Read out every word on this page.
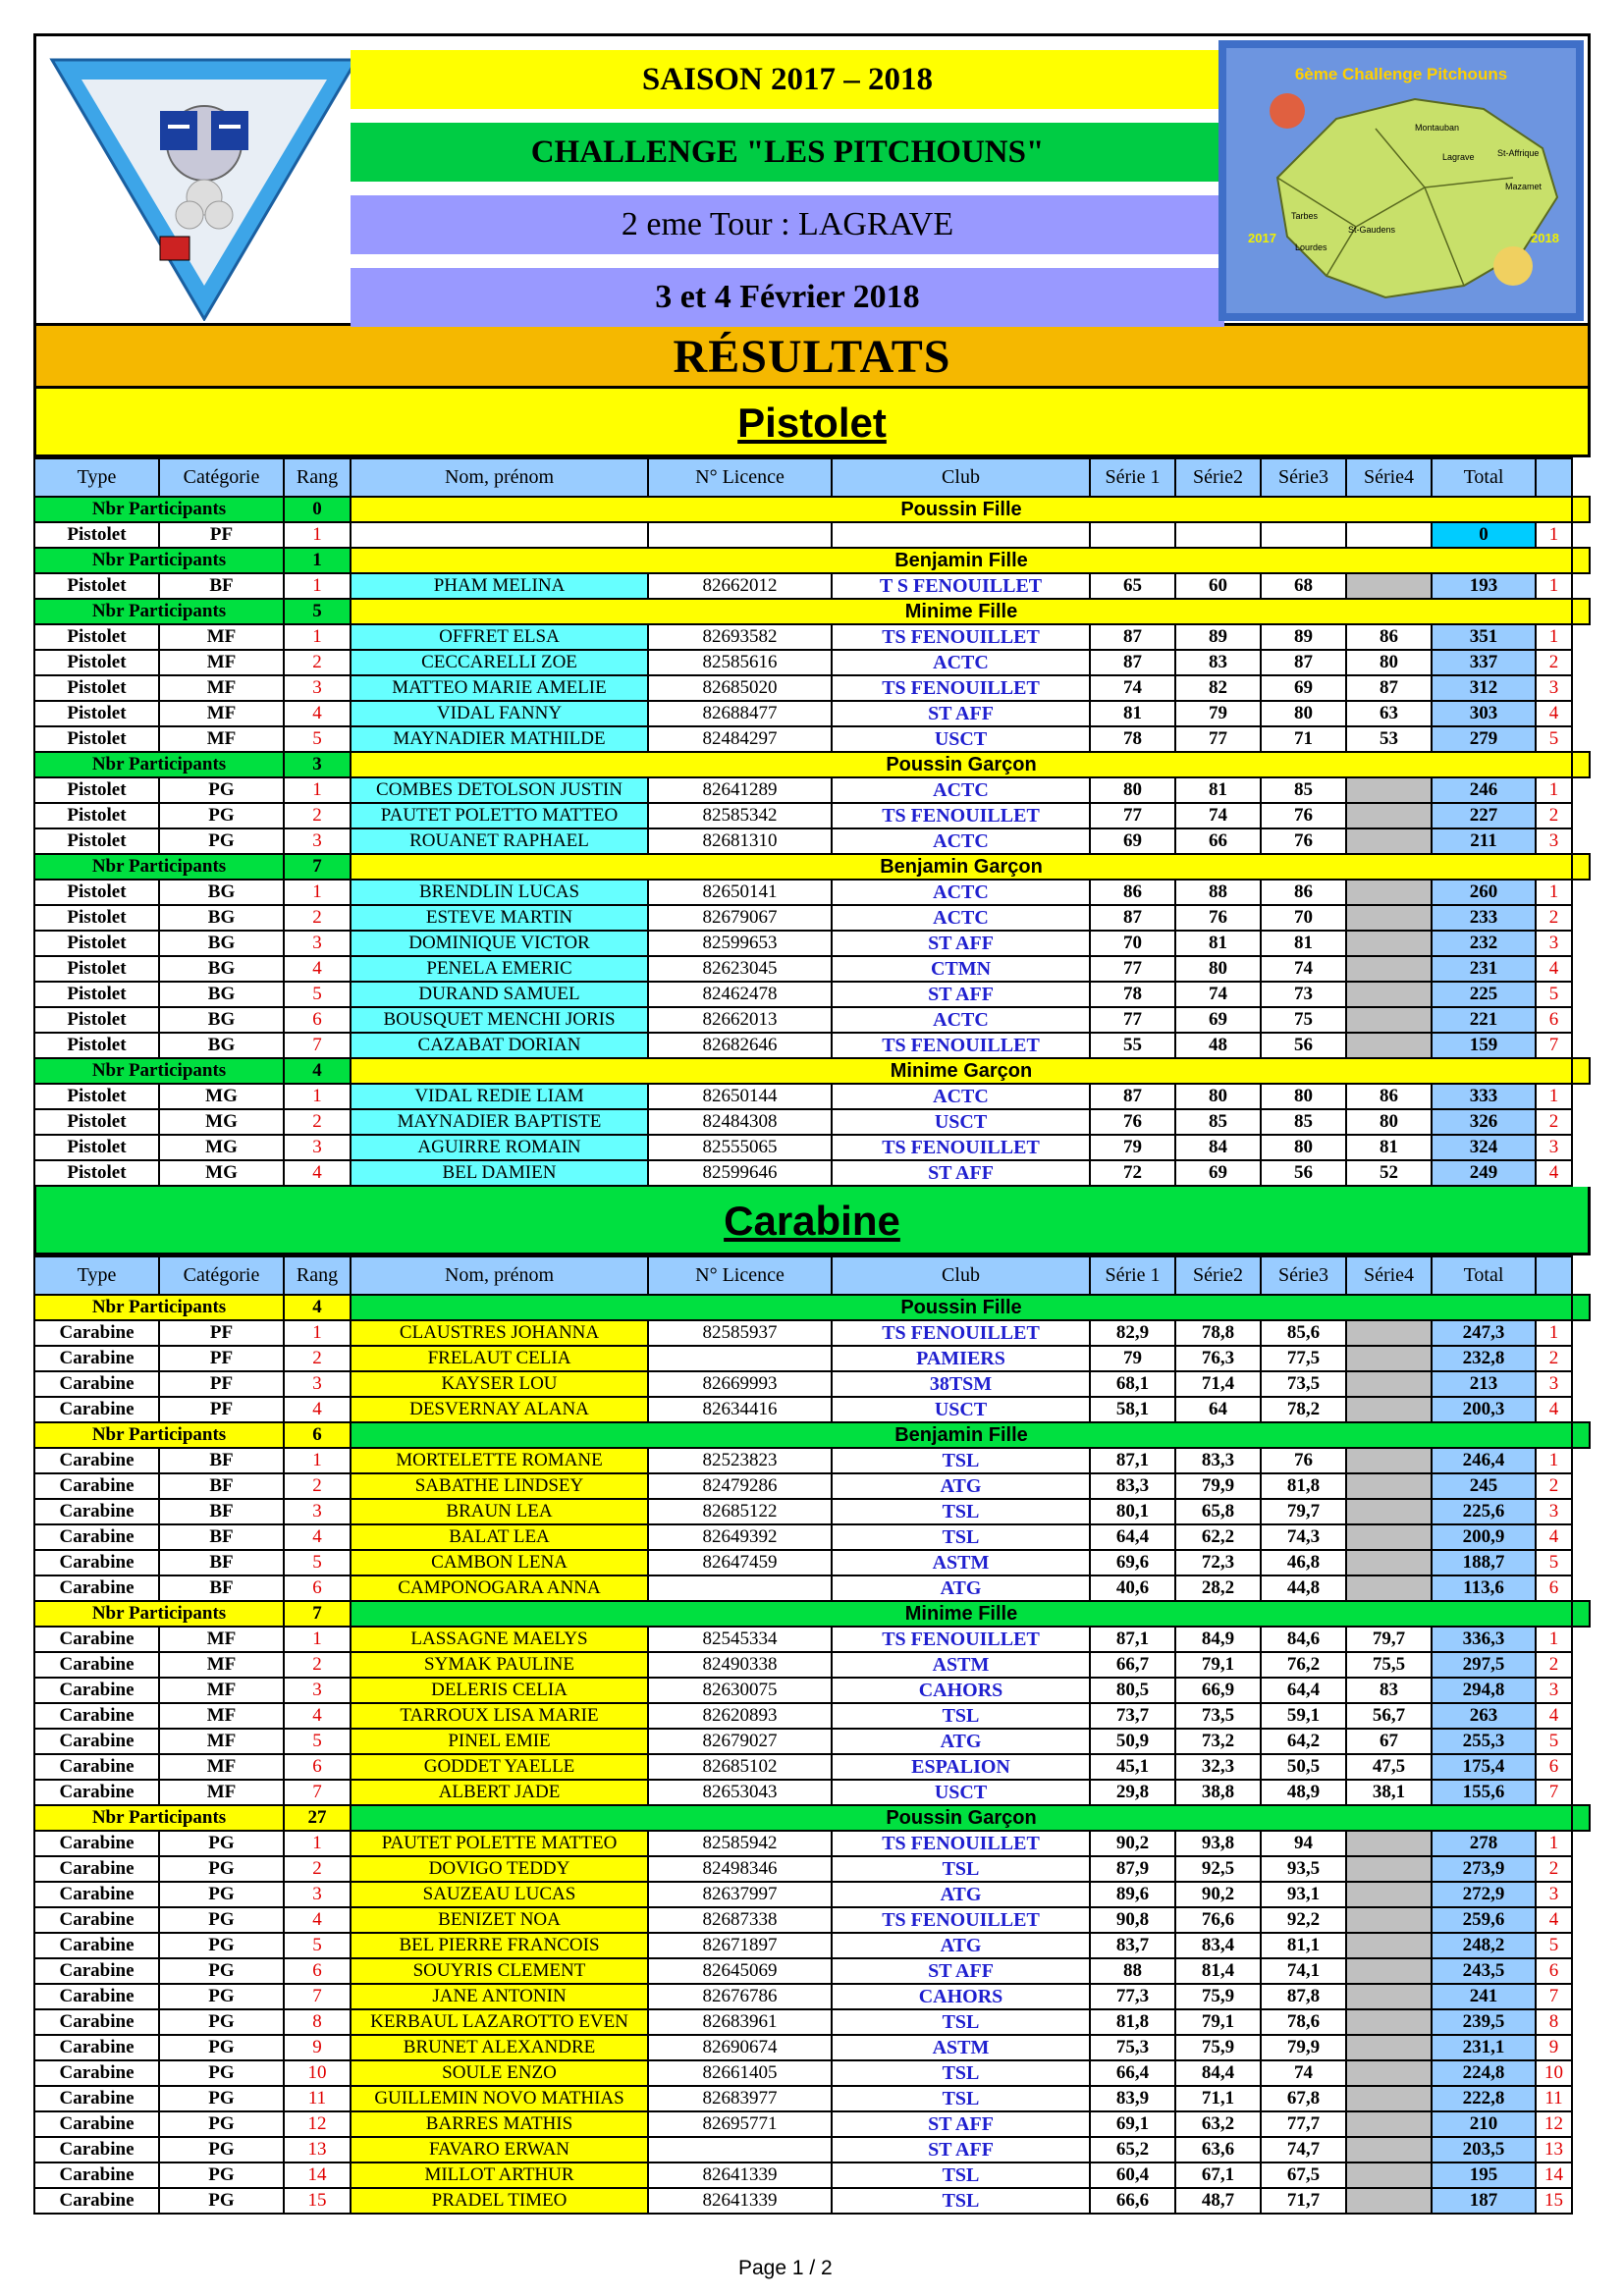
SAISON 2017 – 2018
CHALLENGE "LES PITCHOUNS"
2 eme Tour : LAGRAVE
3 et 4 Février 2018
6ème Challenge Pitchouns
2017	2018
Montauban
Lagrave	St-Affrique
Mazamet
Tarbes
St-Gaudens
Lourdes
RÉSULTATS
Pistolet
Type	Catégorie	Rang	Nom, prénom	N° Licence	Club	Série 1	Série2	Série3	Série4	Total		
Nbr Participants		0	Poussin Fille									
Pistolet	PF	1								0	1	
Nbr Participants		1	Benjamin Fille									
Pistolet	BF	1	PHAM MELINA	82662012	T S FENOUILLET	65	60	68		193	1	
Nbr Participants		5	Minime Fille									
Pistolet	MF	1	OFFRET ELSA	82693582	TS FENOUILLET	87	89	89	86	351	1	
Pistolet	MF	2	CECCARELLI ZOE	82585616	ACTC	87	83	87	80	337	2	
Pistolet	MF	3	MATTEO MARIE AMELIE	82685020	TS FENOUILLET	74	82	69	87	312	3	
Pistolet	MF	4	VIDAL FANNY	82688477	ST AFF	81	79	80	63	303	4	
Pistolet	MF	5	MAYNADIER MATHILDE	82484297	USCT	78	77	71	53	279	5	
Nbr Participants		3	Poussin Garçon									
Pistolet	PG	1	COMBES DETOLSON JUSTIN	82641289	ACTC	80	81	85		246	1	
Pistolet	PG	2	PAUTET POLETTO MATTEO	82585342	TS FENOUILLET	77	74	76		227	2	
Pistolet	PG	3	ROUANET RAPHAEL	82681310	ACTC	69	66	76		211	3	
Nbr Participants		7	Benjamin Garçon									
Pistolet	BG	1	BRENDLIN LUCAS	82650141	ACTC	86	88	86		260	1	
Pistolet	BG	2	ESTEVE MARTIN	82679067	ACTC	87	76	70		233	2	
Pistolet	BG	3	DOMINIQUE VICTOR	82599653	ST AFF	70	81	81		232	3	
Pistolet	BG	4	PENELA EMERIC	82623045	CTMN	77	80	74		231	4	
Pistolet	BG	5	DURAND SAMUEL	82462478	ST AFF	78	74	73		225	5	
Pistolet	BG	6	BOUSQUET MENCHI JORIS	82662013	ACTC	77	69	75		221	6	
Pistolet	BG	7	CAZABAT DORIAN	82682646	TS FENOUILLET	55	48	56		159	7	
Nbr Participants		4	Minime Garçon									
Pistolet	MG	1	VIDAL REDIE LIAM	82650144	ACTC	87	80	80	86	333	1	
Pistolet	MG	2	MAYNADIER BAPTISTE	82484308	USCT	76	85	85	80	326	2	
Pistolet	MG	3	AGUIRRE ROMAIN	82555065	TS FENOUILLET	79	84	80	81	324	3	
Pistolet	MG	4	BEL DAMIEN	82599646	ST AFF	72	69	56	52	249	4	
Carabine
Type	Catégorie	Rang	Nom, prénom	N° Licence	Club	Série 1	Série2	Série3	Série4	Total		
Nbr Participants		4	Poussin Fille									
Carabine	PF	1	CLAUSTRES JOHANNA	82585937	TS FENOUILLET	82,9	78,8	85,6		247,3	1	
Carabine	PF	2	FRELAUT CELIA		PAMIERS	79	76,3	77,5		232,8	2	
Carabine	PF	3	KAYSER LOU	82669993	38TSM	68,1	71,4	73,5		213	3	
Carabine	PF	4	DESVERNAY ALANA	82634416	USCT	58,1	64	78,2		200,3	4	
Nbr Participants		6	Benjamin Fille									
Carabine	BF	1	MORTELETTE ROMANE	82523823	TSL	87,1	83,3	76		246,4	1	
Carabine	BF	2	SABATHE LINDSEY	82479286	ATG	83,3	79,9	81,8		245	2	
Carabine	BF	3	BRAUN LEA	82685122	TSL	80,1	65,8	79,7		225,6	3	
Carabine	BF	4	BALAT LEA	82649392	TSL	64,4	62,2	74,3		200,9	4	
Carabine	BF	5	CAMBON LENA	82647459	ASTM	69,6	72,3	46,8		188,7	5	
Carabine	BF	6	CAMPONOGARA ANNA		ATG	40,6	28,2	44,8		113,6	6	
Nbr Participants		7	Minime Fille									
Carabine	MF	1	LASSAGNE MAELYS	82545334	TS FENOUILLET	87,1	84,9	84,6	79,7	336,3	1	
Carabine	MF	2	SYMAK PAULINE	82490338	ASTM	66,7	79,1	76,2	75,5	297,5	2	
Carabine	MF	3	DELERIS CELIA	82630075	CAHORS	80,5	66,9	64,4	83	294,8	3	
Carabine	MF	4	TARROUX LISA MARIE	82620893	TSL	73,7	73,5	59,1	56,7	263	4	
Carabine	MF	5	PINEL EMIE	82679027	ATG	50,9	73,2	64,2	67	255,3	5	
Carabine	MF	6	GODDET YAELLE	82685102	ESPALION	45,1	32,3	50,5	47,5	175,4	6	
Carabine	MF	7	ALBERT JADE	82653043	USCT	29,8	38,8	48,9	38,1	155,6	7	
Nbr Participants		27	Poussin Garçon									
Carabine	PG	1	PAUTET POLETTE MATTEO	82585942	TS FENOUILLET	90,2	93,8	94		278	1	
Carabine	PG	2	DOVIGO TEDDY	82498346	TSL	87,9	92,5	93,5		273,9	2	
Carabine	PG	3	SAUZEAU LUCAS	82637997	ATG	89,6	90,2	93,1		272,9	3	
Carabine	PG	4	BENIZET NOA	82687338	TS FENOUILLET	90,8	76,6	92,2		259,6	4	
Carabine	PG	5	BEL PIERRE FRANCOIS	82671897	ATG	83,7	83,4	81,1		248,2	5	
Carabine	PG	6	SOUYRIS CLEMENT	82645069	ST AFF	88	81,4	74,1		243,5	6	
Carabine	PG	7	JANE ANTONIN	82676786	CAHORS	77,3	75,9	87,8		241	7	
Carabine	PG	8	KERBAUL LAZAROTTO EVEN	82683961	TSL	81,8	79,1	78,6		239,5	8	
Carabine	PG	9	BRUNET ALEXANDRE	82690674	ASTM	75,3	75,9	79,9		231,1	9	
Carabine	PG	10	SOULE ENZO	82661405	TSL	66,4	84,4	74		224,8	10	
Carabine	PG	11	GUILLEMIN NOVO MATHIAS	82683977	TSL	83,9	71,1	67,8		222,8	11	
Carabine	PG	12	BARRES MATHIS	82695771	ST AFF	69,1	63,2	77,7		210	12	
Carabine	PG	13	FAVARO ERWAN		ST AFF	65,2	63,6	74,7		203,5	13	
Carabine	PG	14	MILLOT ARTHUR	82641339	TSL	60,4	67,1	67,5		195	14	
Carabine	PG	15	PRADEL TIMEO	82641339	TSL	66,6	48,7	71,7		187	15	
Page 1 / 2
